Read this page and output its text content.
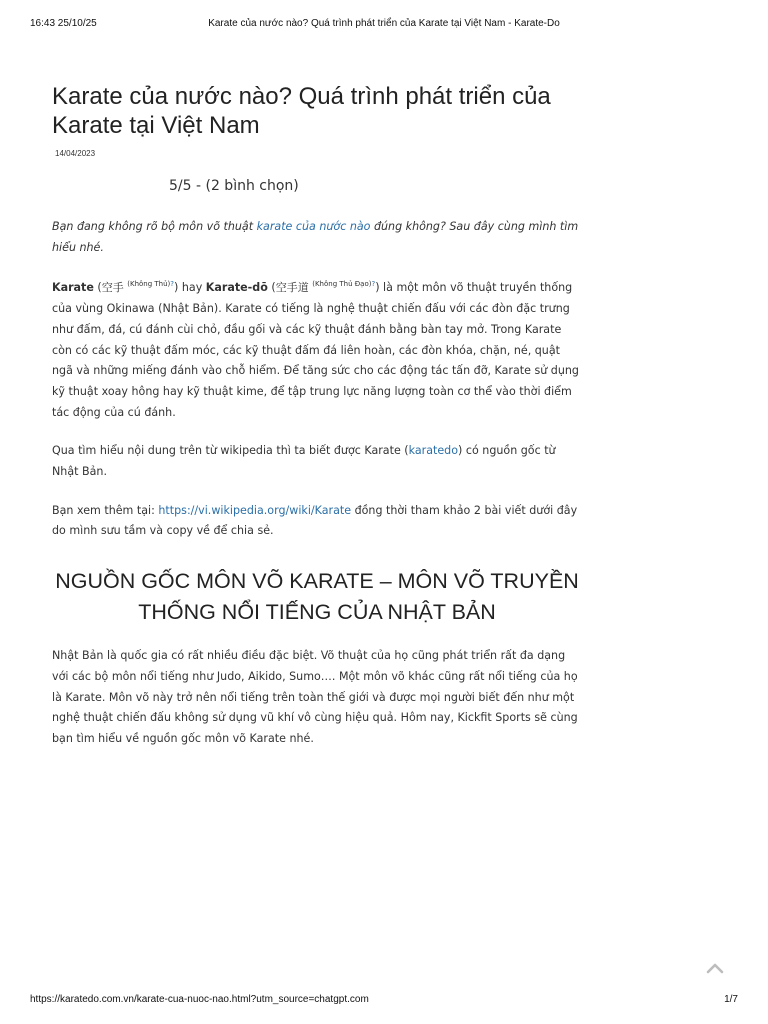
16:43 25/10/25	Karate của nước nào? Quá trình phát triển của Karate tại Việt Nam - Karate-Do
Karate của nước nào? Quá trình phát triển của Karate tại Việt Nam
14/04/2023
5/5 - (2 bình chọn)

Bạn đang không rõ bộ môn võ thuật karate của nước nào đúng không? Sau đây cùng mình tìm hiểu nhé.

Karate (空手 $^{(Không Thủ)?}$) hay Karate-dō (空手道 $^{(Không Thủ Đạo)?}$) là một môn võ thuật truyền thống của vùng Okinawa (Nhật Bản). Karate có tiếng là nghệ thuật chiến đấu với các đòn đặc trưng như đấm, đá, cú đánh cùi chỏ, đầu gối và các kỹ thuật đánh bằng bàn tay mở. Trong Karate còn có các kỹ thuật đấm móc, các kỹ thuật đấm đá liên hoàn, các đòn khóa, chặn, né, quật ngã và những miếng đánh vào chỗ hiểm. Để tăng sức cho các động tác tấn đỡ, Karate sử dụng kỹ thuật xoay hông hay kỹ thuật kime, để tập trung lực năng lượng toàn cơ thể vào thời điểm tác động của cú đánh.

Qua tìm hiểu nội dung trên từ wikipedia thì ta biết được Karate (karatedo) có nguồn gốc từ Nhật Bản.

Bạn xem thêm tại: https://vi.wikipedia.org/wiki/Karate đồng thời tham khảo 2 bài viết dưới đây do mình sưu tầm và copy về để chia sẻ.

NGUỒN GỐC MÔN VÕ KARATE – MÔN VÕ TRUYỀN THỐNG NỔI TIẾNG CỦA NHẬT BẢN

Nhật Bản là quốc gia có rất nhiều điều đặc biệt. Võ thuật của họ cũng phát triển rất đa dạng với các bộ môn nổi tiếng như Judo, Aikido, Sumo…. Một môn võ khác cũng rất nổi tiếng của họ là Karate. Môn võ này trở nên nổi tiếng trên toàn thế giới và được mọi người biết đến như một nghệ thuật chiến đấu không sử dụng vũ khí vô cùng hiệu quả. Hôm nay, Kickfit Sports sẽ cùng bạn tìm hiểu về nguồn gốc môn võ Karate nhé.

https://karatedo.com.vn/karate-cua-nuoc-nao.html?utm_source=chatgpt.com	1/7
